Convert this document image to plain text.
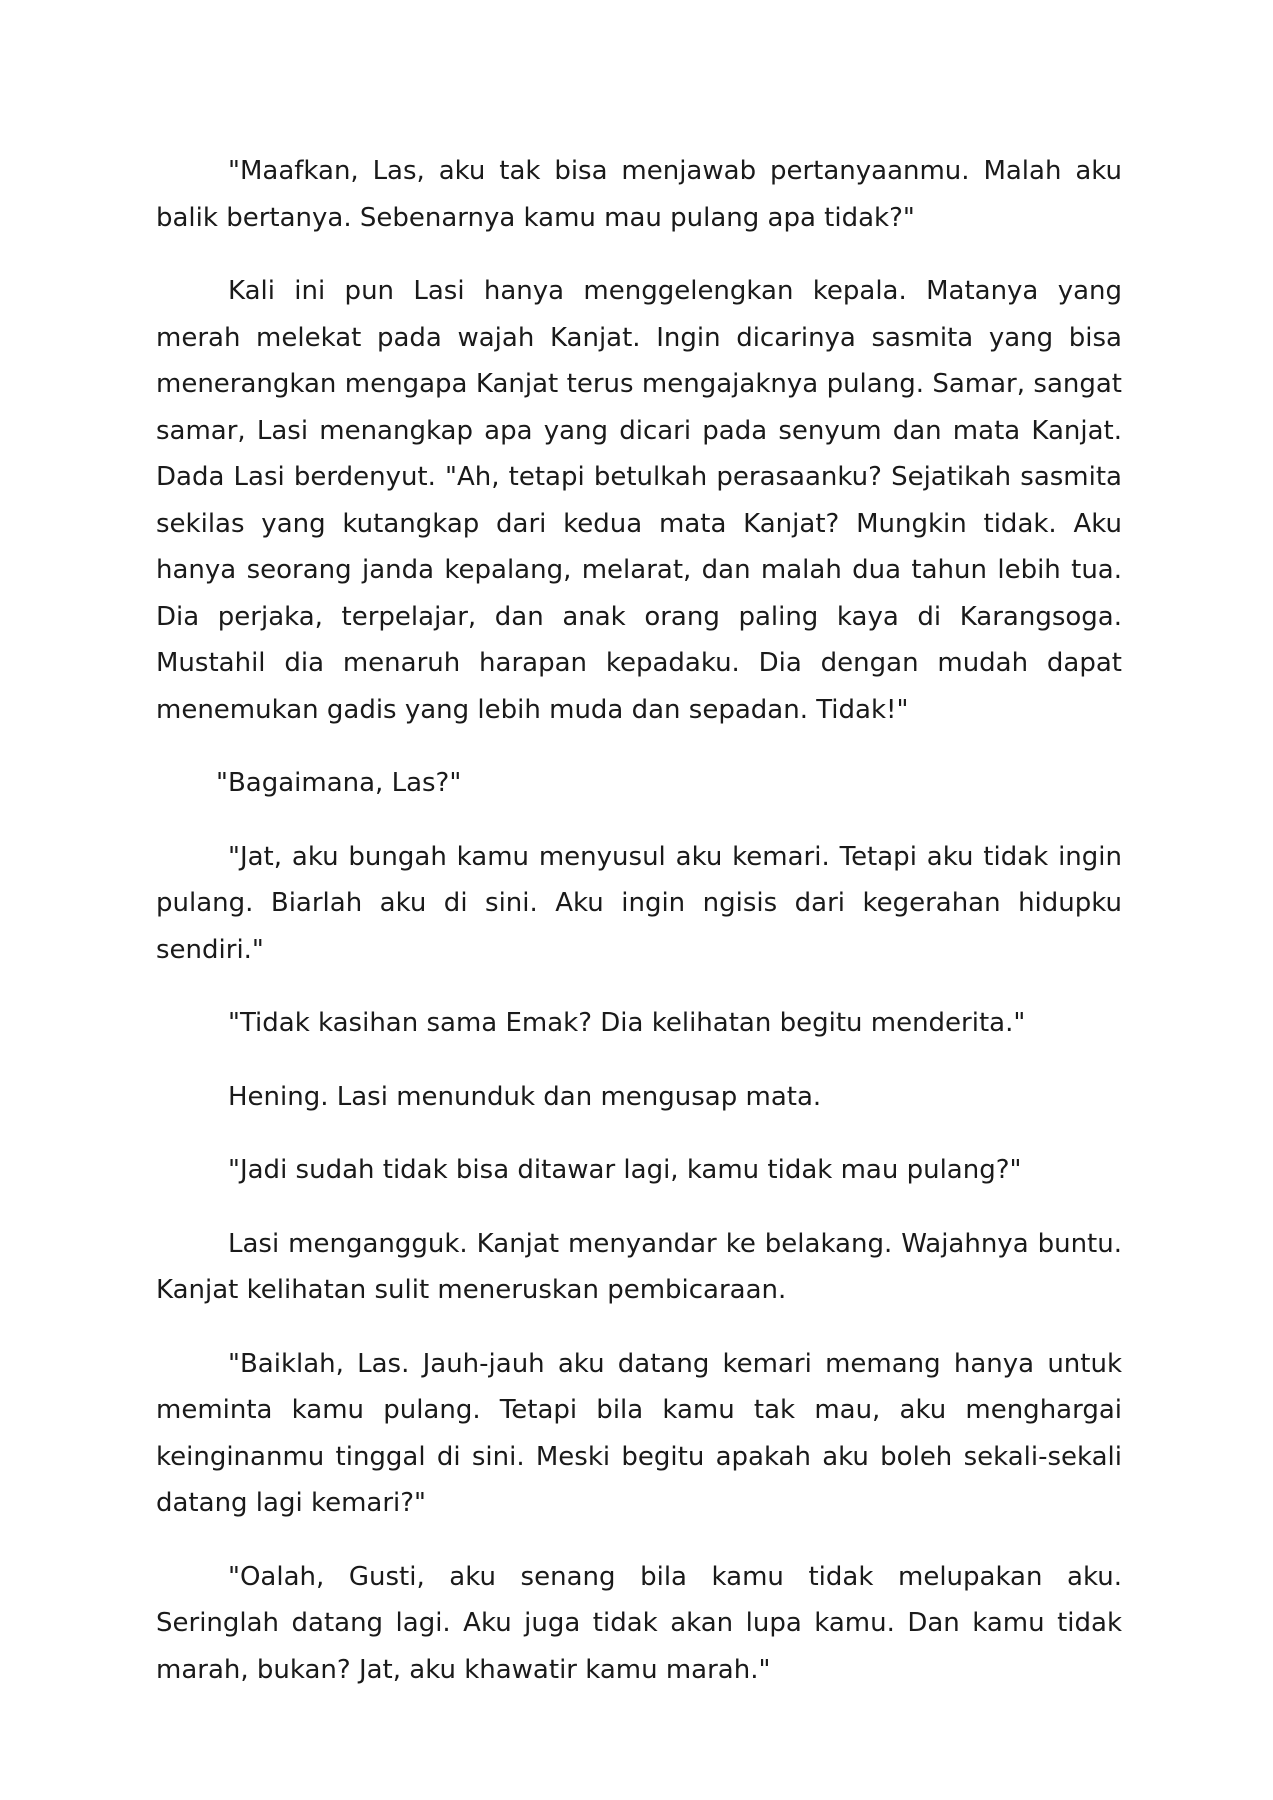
"Maafkan, Las, aku tak bisa menjawab pertanyaanmu. Malah aku balik bertanya. Sebenarnya kamu mau pulang apa tidak?"

Kali ini pun Lasi hanya menggelengkan kepala. Matanya yang merah melekat pada wajah Kanjat. Ingin dicarinya sasmita yang bisa menerangkan mengapa Kanjat terus mengajaknya pulang. Samar, sangat samar, Lasi menangkap apa yang dicari pada senyum dan mata Kanjat. Dada Lasi berdenyut. "Ah, tetapi betulkah perasaanku? Sejatikah sasmita sekilas yang kutangkap dari kedua mata Kanjat? Mungkin tidak. Aku hanya seorang janda kepalang, melarat, dan malah dua tahun lebih tua. Dia perjaka, terpelajar, dan anak orang paling kaya di Karangsoga. Mustahil dia menaruh harapan kepadaku. Dia dengan mudah dapat menemukan gadis yang lebih muda dan sepadan. Tidak!"

"Bagaimana, Las?"

"Jat, aku bungah kamu menyusul aku kemari. Tetapi aku tidak ingin pulang. Biarlah aku di sini. Aku ingin ngisis dari kegerahan hidupku sendiri."

"Tidak kasihan sama Emak? Dia kelihatan begitu menderita."

Hening. Lasi menunduk dan mengusap mata.

"Jadi sudah tidak bisa ditawar lagi, kamu tidak mau pulang?"

Lasi mengangguk. Kanjat menyandar ke belakang. Wajahnya buntu. Kanjat kelihatan sulit meneruskan pembicaraan.

"Baiklah, Las. Jauh-jauh aku datang kemari memang hanya untuk meminta kamu pulang. Tetapi bila kamu tak mau, aku menghargai keinginanmu tinggal di sini. Meski begitu apakah aku boleh sekali-sekali datang lagi kemari?"

"Oalah, Gusti, aku senang bila kamu tidak melupakan aku. Seringlah datang lagi. Aku juga tidak akan lupa kamu. Dan kamu tidak marah, bukan? Jat, aku khawatir kamu marah."
